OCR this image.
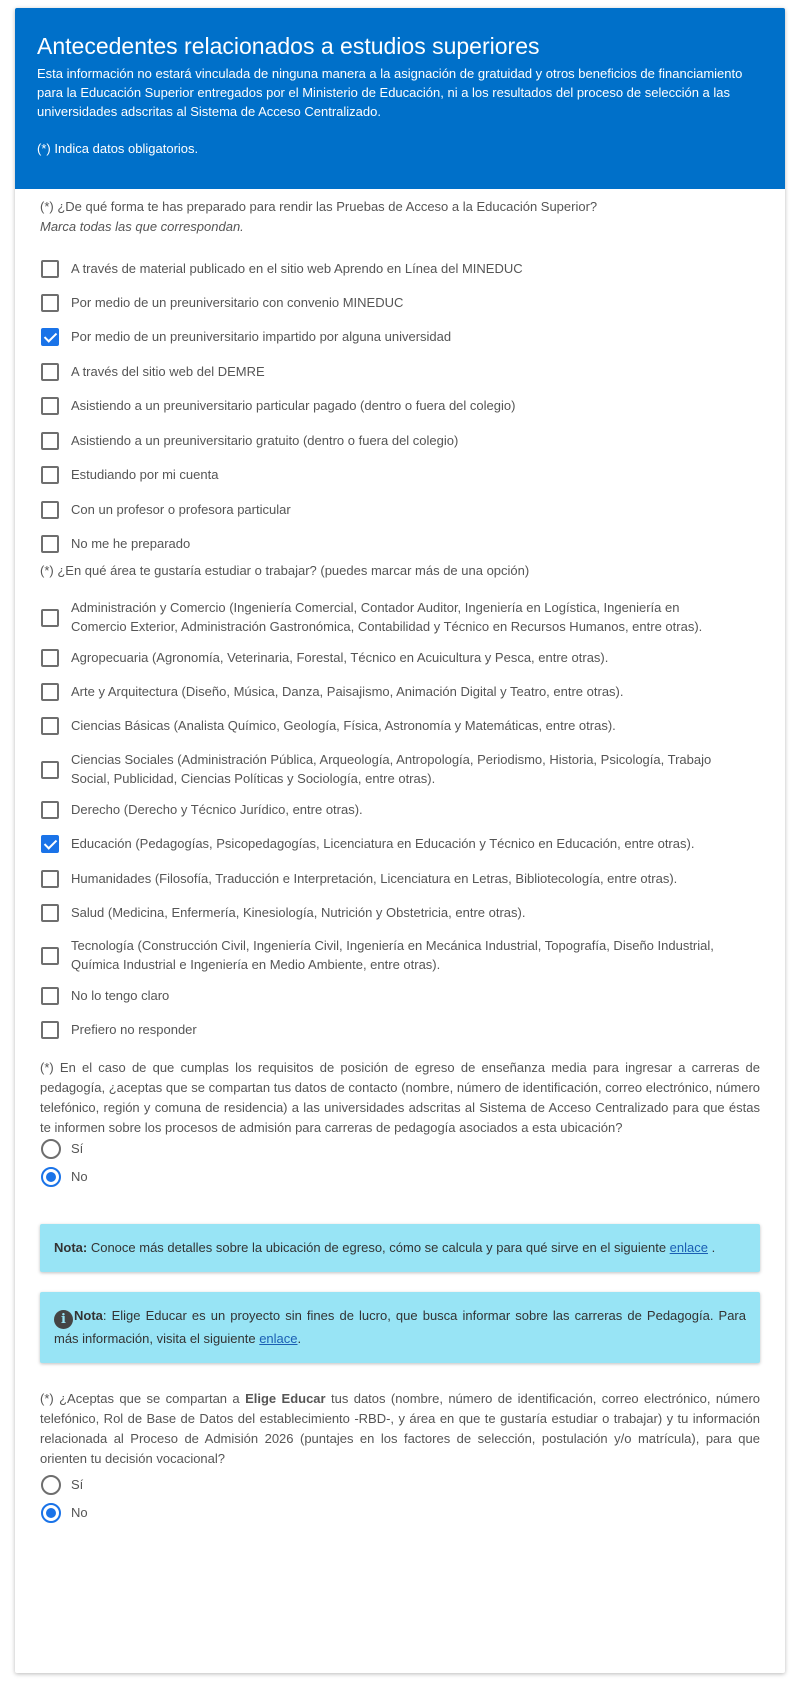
Antecedentes relacionados a estudios superiores

Esta información no estará vinculada de ninguna manera a la asignación de gratuidad y otros beneficios de financiamiento para la Educación Superior entregados por el Ministerio de Educación, ni a los resultados del proceso de selección a las universidades adscritas al Sistema de Acceso Centralizado.

(*) Indica datos obligatorios.

(*) ¿De qué forma te has preparado para rendir las Pruebas de Acceso a la Educación Superior?
Marca todas las que correspondan.
A través de material publicado en el sitio web Aprendo en Línea del MINEDUC
Por medio de un preuniversitario con convenio MINEDUC
Por medio de un preuniversitario impartido por alguna universidad
A través del sitio web del DEMRE
Asistiendo a un preuniversitario particular pagado (dentro o fuera del colegio)
Asistiendo a un preuniversitario gratuito (dentro o fuera del colegio)
Estudiando por mi cuenta
Con un profesor o profesora particular
No me he preparado
(*) ¿En qué área te gustaría estudiar o trabajar? (puedes marcar más de una opción)
Administración y Comercio (Ingeniería Comercial, Contador Auditor, Ingeniería en Logística, Ingeniería en Comercio Exterior, Administración Gastronómica, Contabilidad y Técnico en Recursos Humanos, entre otras).
Agropecuaria (Agronomía, Veterinaria, Forestal, Técnico en Acuicultura y Pesca, entre otras).
Arte y Arquitectura (Diseño, Música, Danza, Paisajismo, Animación Digital y Teatro, entre otras).
Ciencias Básicas (Analista Químico, Geología, Física, Astronomía y Matemáticas, entre otras).
Ciencias Sociales (Administración Pública, Arqueología, Antropología, Periodismo, Historia, Psicología, Trabajo Social, Publicidad, Ciencias Políticas y Sociología, entre otras).
Derecho (Derecho y Técnico Jurídico, entre otras).
Educación (Pedagogías, Psicopedagogías, Licenciatura en Educación y Técnico en Educación, entre otras).
Humanidades (Filosofía, Traducción e Interpretación, Licenciatura en Letras, Bibliotecología, entre otras).
Salud (Medicina, Enfermería, Kinesiología, Nutrición y Obstetricia, entre otras).
Tecnología (Construcción Civil, Ingeniería Civil, Ingeniería en Mecánica Industrial, Topografía, Diseño Industrial, Química Industrial e Ingeniería en Medio Ambiente, entre otras).
No lo tengo claro
Prefiero no responder
(*) En el caso de que cumplas los requisitos de posición de egreso de enseñanza media para ingresar a carreras de pedagogía, ¿aceptas que se compartan tus datos de contacto (nombre, número de identificación, correo electrónico, número telefónico, región y comuna de residencia) a las universidades adscritas al Sistema de Acceso Centralizado para que éstas te informen sobre los procesos de admisión para carreras de pedagogía asociados a esta ubicación?
Sí
No
Nota: Conoce más detalles sobre la ubicación de egreso, cómo se calcula y para qué sirve en el siguiente enlace .
i Nota: Elige Educar es un proyecto sin fines de lucro, que busca informar sobre las carreras de Pedagogía. Para más información, visita el siguiente enlace.
(*) ¿Aceptas que se compartan a Elige Educar tus datos (nombre, número de identificación, correo electrónico, número telefónico, Rol de Base de Datos del establecimiento -RBD-, y área en que te gustaría estudiar o trabajar) y tu información relacionada al Proceso de Admisión 2026 (puntajes en los factores de selección, postulación y/o matrícula), para que orienten tu decisión vocacional?
Sí
No
